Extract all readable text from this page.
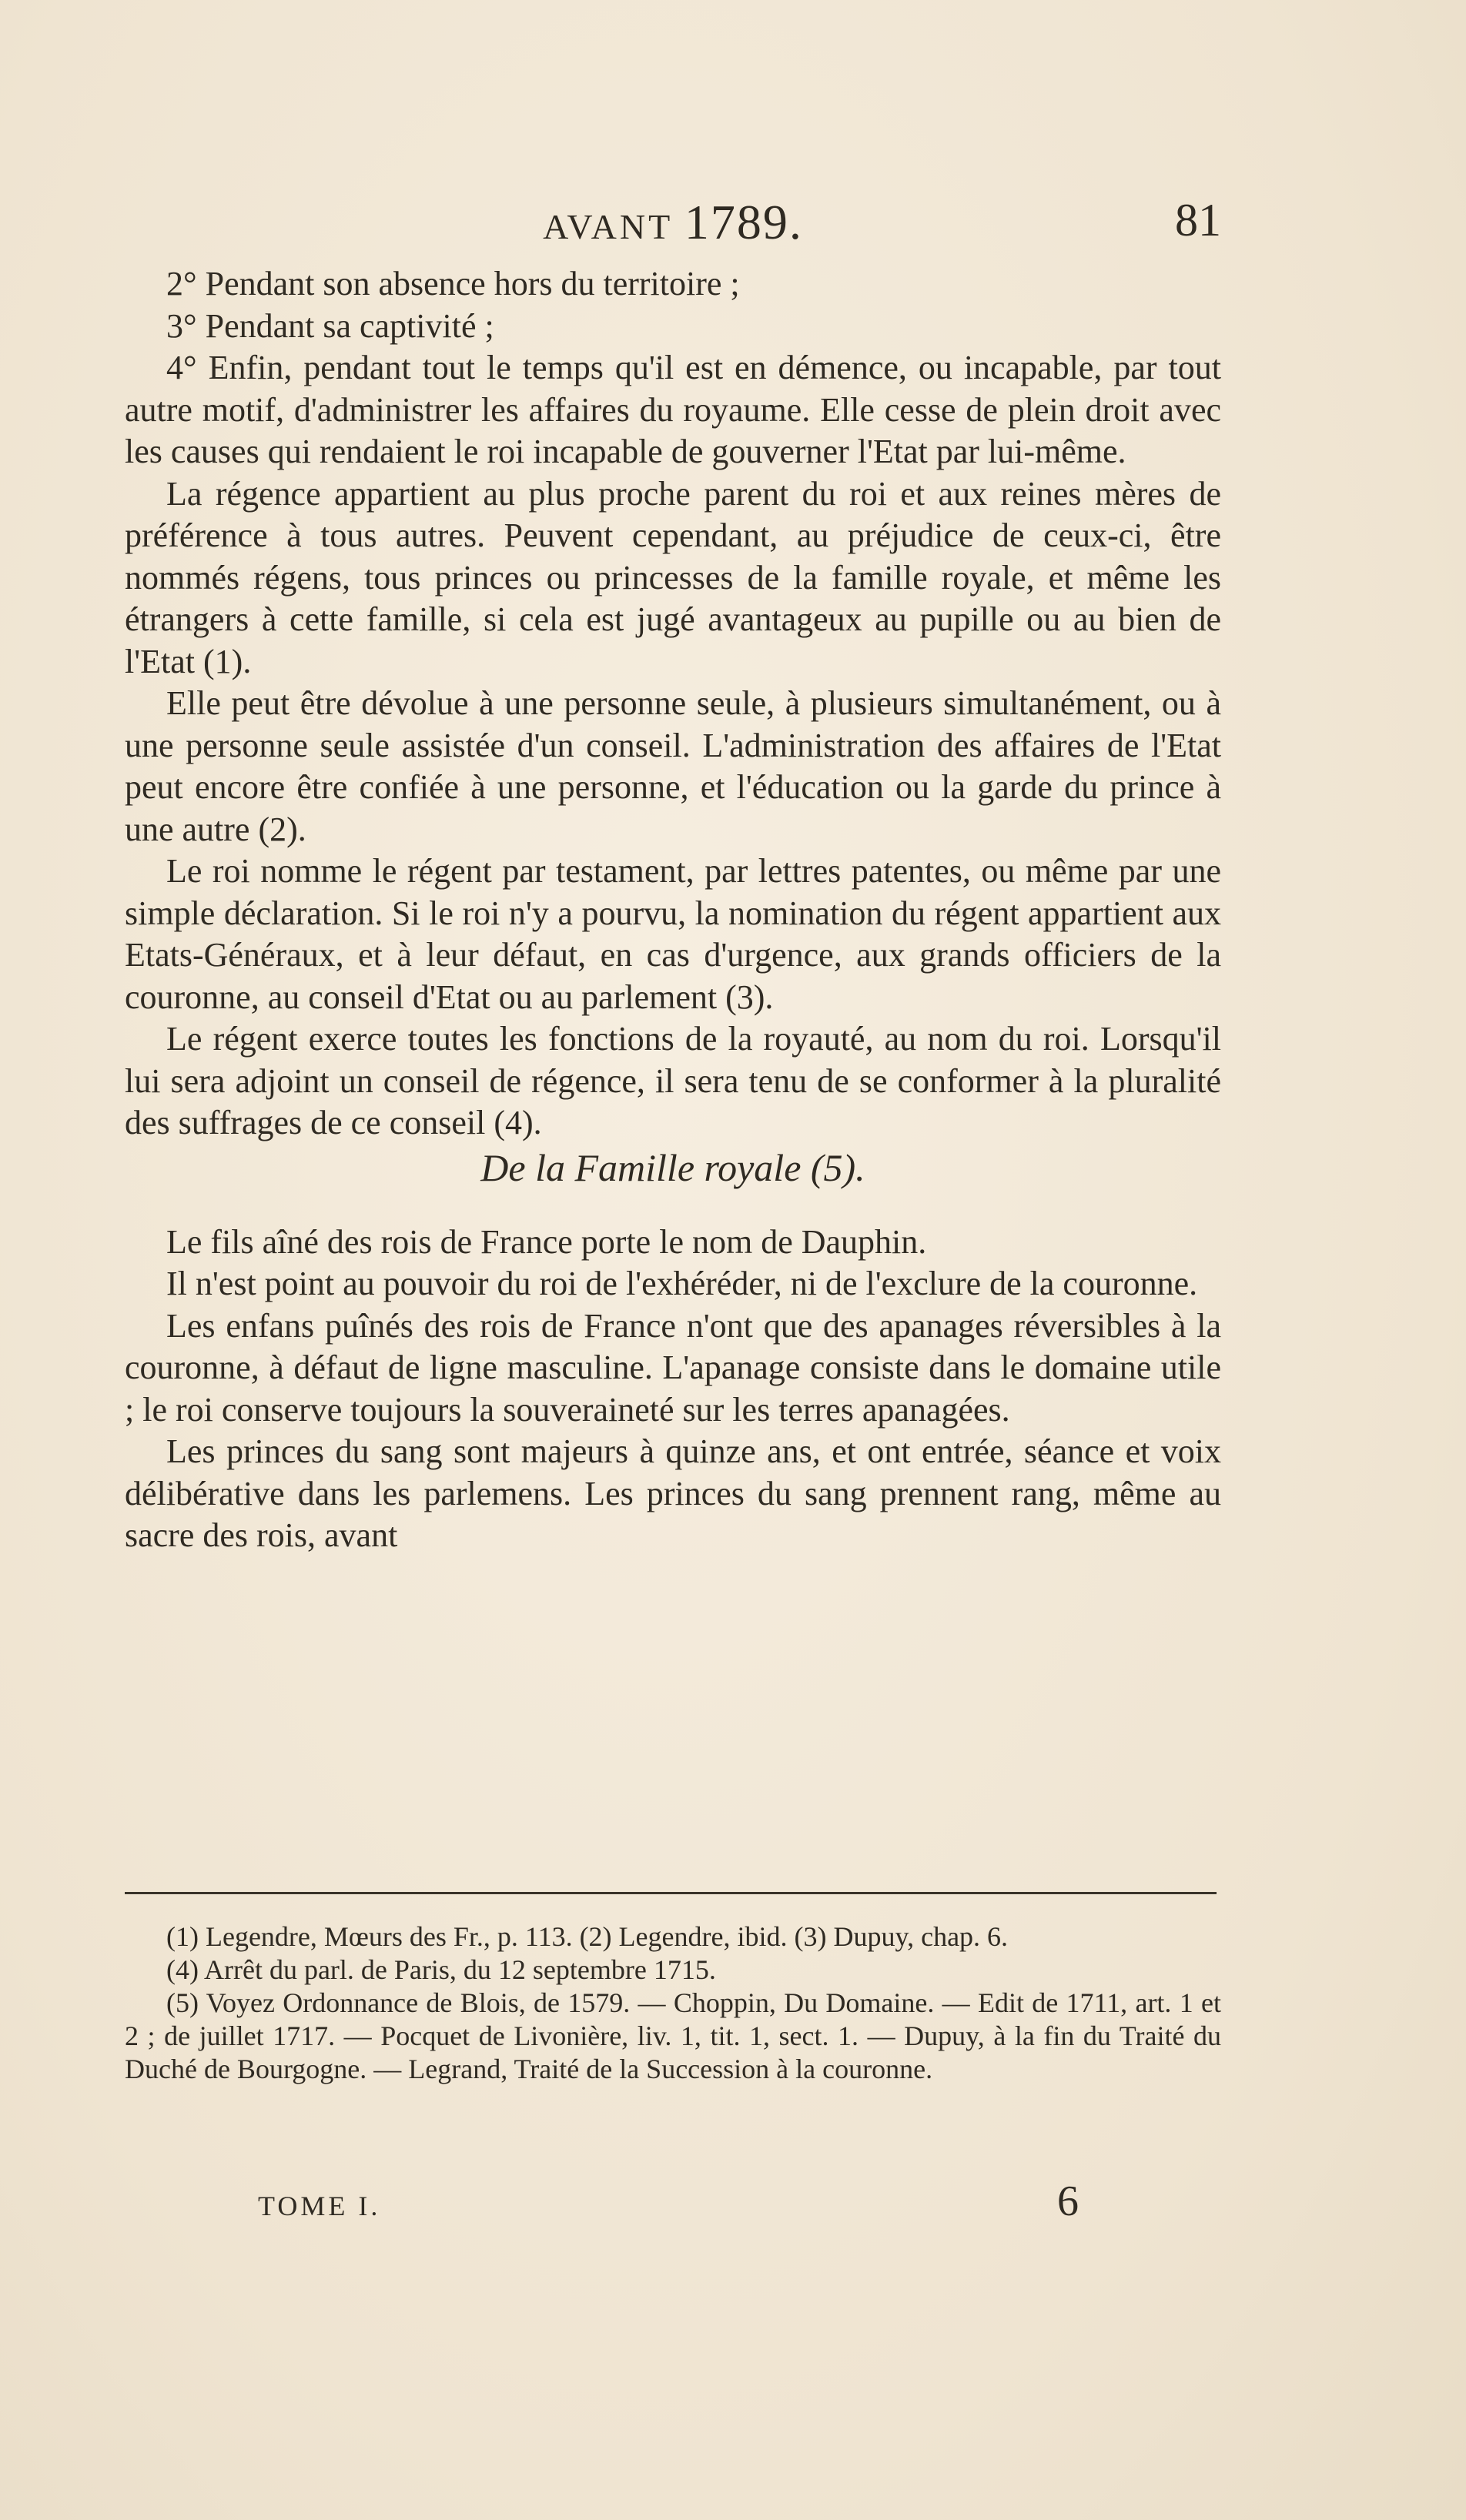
AVANT 1789.	81

2° Pendant son absence hors du territoire ;

3° Pendant sa captivité ;

4° Enfin, pendant tout le temps qu'il est en démence, ou incapable, par tout autre motif, d'administrer les affaires du royaume. Elle cesse de plein droit avec les causes qui rendaient le roi incapable de gouverner l'Etat par lui-même.

La régence appartient au plus proche parent du roi et aux reines mères de préférence à tous autres. Peuvent cependant, au préjudice de ceux-ci, être nommés régens, tous princes ou princesses de la famille royale, et même les étrangers à cette famille, si cela est jugé avantageux au pupille ou au bien de l'Etat (1).

Elle peut être dévolue à une personne seule, à plusieurs simultanément, ou à une personne seule assistée d'un conseil. L'administration des affaires de l'Etat peut encore être confiée à une personne, et l'éducation ou la garde du prince à une autre (2).

Le roi nomme le régent par testament, par lettres patentes, ou même par une simple déclaration. Si le roi n'y a pourvu, la nomination du régent appartient aux Etats-Généraux, et à leur défaut, en cas d'urgence, aux grands officiers de la couronne, au conseil d'Etat ou au parlement (3).

Le régent exerce toutes les fonctions de la royauté, au nom du roi. Lorsqu'il lui sera adjoint un conseil de régence, il sera tenu de se conformer à la pluralité des suffrages de ce conseil (4).

De la Famille royale (5).

Le fils aîné des rois de France porte le nom de Dauphin.

Il n'est point au pouvoir du roi de l'exhéréder, ni de l'exclure de la couronne.

Les enfans puînés des rois de France n'ont que des apanages réversibles à la couronne, à défaut de ligne masculine. L'apanage consiste dans le domaine utile ; le roi conserve toujours la souveraineté sur les terres apanagées.

Les princes du sang sont majeurs à quinze ans, et ont entrée, séance et voix délibérative dans les parlemens. Les princes du sang prennent rang, même au sacre des rois, avant

(1) Legendre, Mœurs des Fr., p. 113. (2) Legendre, ibid. (3) Dupuy, chap. 6.

(4) Arrêt du parl. de Paris, du 12 septembre 1715.

(5) Voyez Ordonnance de Blois, de 1579. — Choppin, Du Domaine. — Edit de 1711, art. 1 et 2 ; de juillet 1717. — Pocquet de Livonière, liv. 1, tit. 1, sect. 1. — Dupuy, à la fin du Traité du Duché de Bourgogne. — Legrand, Traité de la Succession à la couronne.

TOME I.	6
